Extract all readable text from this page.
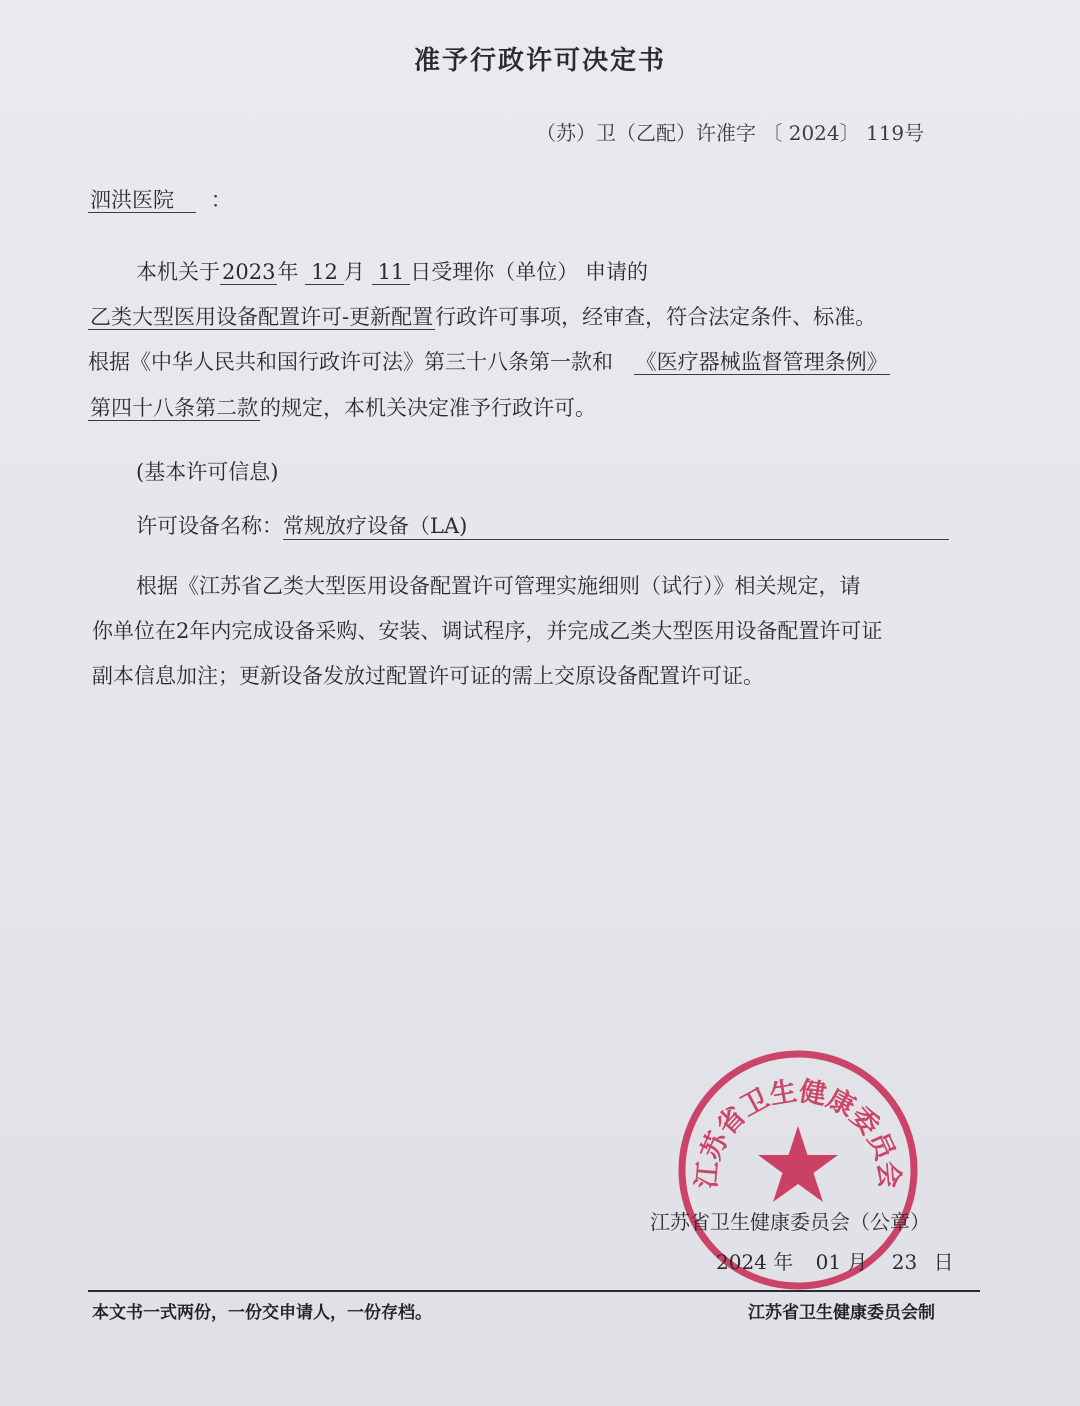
准予行政许可决定书
（苏）卫（乙配）许准字 〔 2024〕 119号
泗洪医院 ：
本机关于2023年 12 月 11 日受理你（单位） 申请的
乙类大型医用设备配置许可-更新配置行政许可事项，经审查，符合法定条件、标准。
根据《中华人民共和国行政许可法》第三十八条第一款和 《医疗器械监督管理条例》
第四十八条第二款的规定，本机关决定准予行政许可。
(基本许可信息)
许可设备名称：常规放疗设备（LA)
根据《江苏省乙类大型医用设备配置许可管理实施细则（试行）》相关规定，请
你单位在2年内完成设备采购、安装、调试程序，并完成乙类大型医用设备配置许可证
副本信息加注；更新设备发放过配置许可证的需上交原设备配置许可证。
江苏省卫生健康委员会
江苏省卫生健康委员会（公章）
2024 年 01 月 23 日
本文书一式两份，一份交申请人，一份存档。	江苏省卫生健康委员会制
